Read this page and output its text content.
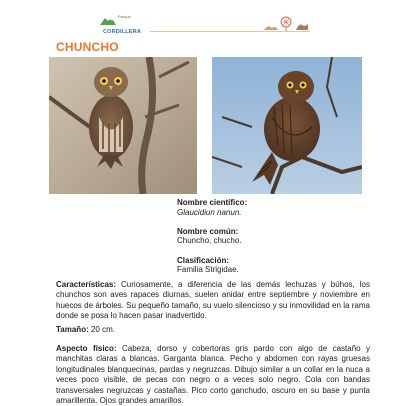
Parque
CORDILLERA
CHUNCHO
Nombre científico:
Glaucidiun nanun.
Nombre común:
Chuncho, chucho.
Clasificación:
Familia Strigidae.

Características: Curiosamente, a diferencia de las demás lechuzas y búhos, los chunchos son aves rapaces diurnas, suelen anidar entre septiembre y noviembre en huecos de árboles. Su pequeño tamaño, su vuelo silencioso y su inmovilidad en la rama donde se posa lo hacen pasar inadvertido.

Tamaño: 20 cm.

Aspecto físico: Cabeza, dorso y cobertoras gris pardo con algo de castaño y manchitas claras a blancas. Garganta blanca. Pecho y abdomen con rayas gruesas longitudinales blanquecinas, pardas y negruzcas. Dibujo similar a un collar en la nuca a veces poco visible, de pecas con negro o a veces solo negro. Cola con bandas transversales negruzcas y castañas. Pico corto ganchudo, oscuro en su base y punta amarillenta. Ojos grandes amarillos.
